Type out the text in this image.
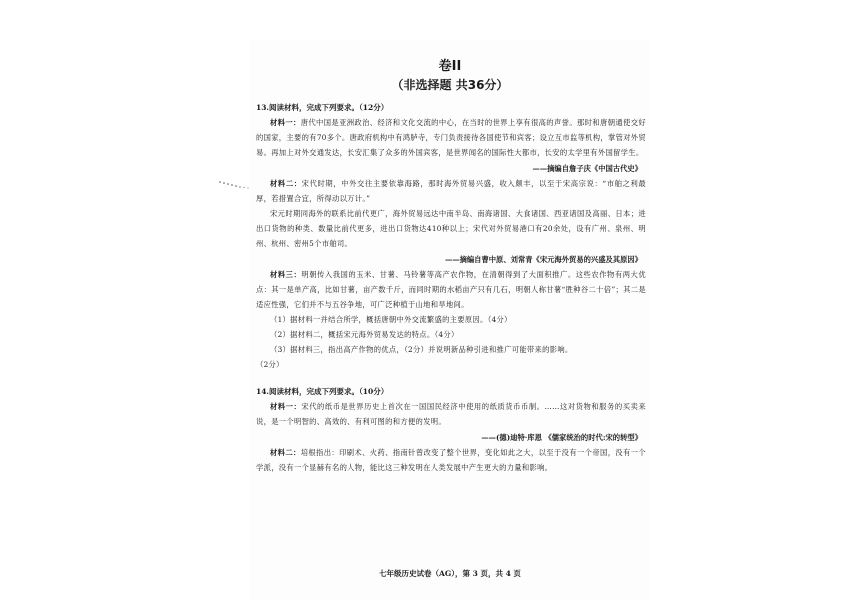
卷II
（非选择题 共36分）

13.阅读材料，完成下列要求。（12分）

材料一：唐代中国是亚洲政治、经济和文化交流的中心，在当时的世界上享有很高的声誉。那时和唐朝通使交好的国家，主要的有70多个。唐政府机构中有鸿胪寺，专门负责接待各国使节和宾客；设立互市监等机构，掌管对外贸易。再加上对外交通发达，长安汇集了众多的外国宾客，是世界闻名的国际性大都市，长安的太学里有外国留学生。

——摘编自詹子庆《中国古代史》

材料二：宋代时期，中外交往主要依靠海路，那时海外贸易兴盛，收入颇丰，以至于宋高宗说：“市舶之利最厚，若措置合宜，所得动以万计。”

宋元时期同海外的联系比前代更广，海外贸易远达中南半岛、南海诸国、大食诸国、西亚诸国及高丽、日本；进出口货物的种类、数量比前代更多，进出口货物达410种以上；宋代对外贸易港口有20余处，设有广州、泉州、明州、杭州、密州5个市舶司。

——摘编自曹中原、刘常青《宋元海外贸易的兴盛及其原因》

材料三：明朝传入我国的玉米、甘薯、马铃薯等高产农作物，在清朝得到了大面积推广。这些农作物有两大优点：其一是单产高，比如甘薯，亩产数千斤，而同时期的水稻亩产只有几石，明朝人称甘薯“胜种谷二十倍”；其二是适应性强，它们并不与五谷争地，可广泛种植于山地和旱地间。

（1）据材料一并结合所学，概括唐朝中外交流繁盛的主要原因。（4分）

（2）据材料二，概括宋元海外贸易发达的特点。（4分）

（3）据材料三，指出高产作物的优点，（2分）并说明新品种引进和推广可能带来的影响。

（2分）

14.阅读材料，完成下列要求。（10分）

材料一：宋代的纸币是世界历史上首次在一国国民经济中使用的纸质货币币制。……这对货物和服务的买卖来说，是一个明智的、高效的、有利可图的和方便的发明。

——(德)迪特·库恩 《儒家统治的时代:宋的转型》

材料二：培根指出：印刷术、火药、指南针曾改变了整个世界，变化如此之大，以至于没有一个帝国，没有一个学派，没有一个显赫有名的人物，能比这三种发明在人类发展中产生更大的力量和影响。

七年级历史试卷（AG），第 3 页，共 4 页
